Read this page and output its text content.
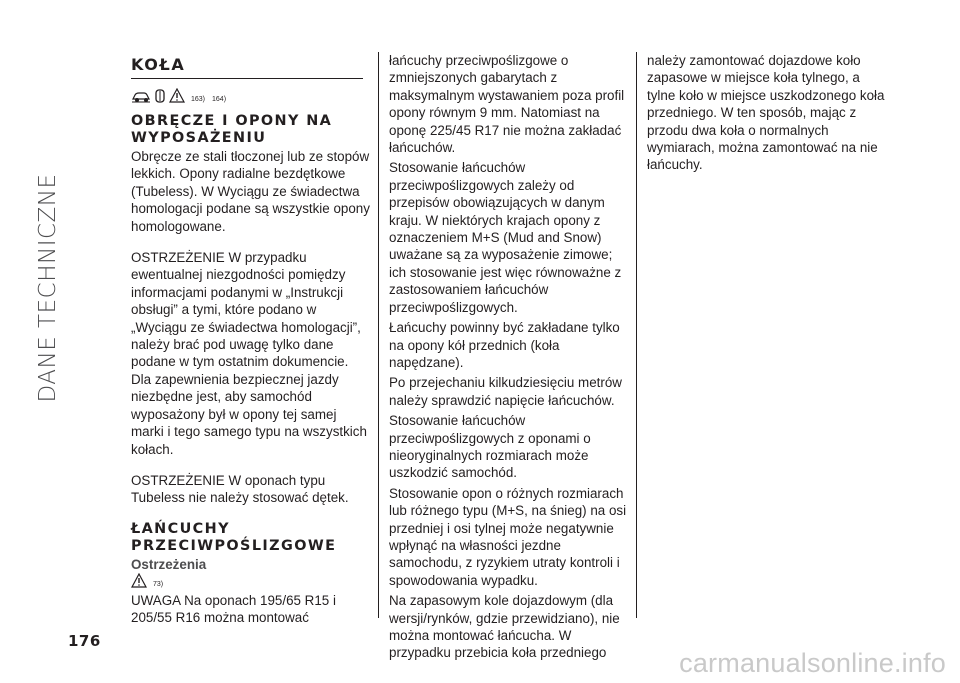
DANE TECHNICZNE
KOŁA
163) 164)
OBRĘCZE I OPONY NA
WYPOSAŻENIU

Obręcze ze stali tłoczonej lub ze stopów lekkich. Opony radialne bezdętkowe (Tubeless). W Wyciągu ze świadectwa homologacji podane są wszystkie opony homologowane.

OSTRZEŻENIE W przypadku ewentualnej niezgodności pomiędzy informacjami podanymi w „Instrukcji obsługi” a tymi, które podano w „Wyciągu ze świadectwa homologacji”, należy brać pod uwagę tylko dane podane w tym ostatnim dokumencie. Dla zapewnienia bezpiecznej jazdy niezbędne jest, aby samochód wyposażony był w opony tej samej marki i tego samego typu na wszystkich kołach.

OSTRZEŻENIE W oponach typu Tubeless nie należy stosować dętek.

ŁAŃCUCHY
PRZECIWPOŚLIZGOWE
Ostrzeżenia
73)

UWAGA Na oponach 195/65 R15 i 205/55 R16 można montować

łańcuchy przeciwpoślizgowe o zmniejszonych gabarytach z maksymalnym wystawaniem poza profil opony równym 9 mm. Natomiast na oponę 225/45 R17 nie można zakładać łańcuchów.

Stosowanie łańcuchów przeciwpoślizgowych zależy od przepisów obowiązujących w danym kraju. W niektórych krajach opony z oznaczeniem M+S (Mud and Snow) uważane są za wyposażenie zimowe; ich stosowanie jest więc równoważne z zastosowaniem łańcuchów przeciwpoślizgowych.

Łańcuchy powinny być zakładane tylko na opony kół przednich (koła napędzane).

Po przejechaniu kilkudziesięciu metrów należy sprawdzić napięcie łańcuchów.

Stosowanie łańcuchów przeciwpoślizgowych z oponami o nieoryginalnych rozmiarach może uszkodzić samochód.

Stosowanie opon o różnych rozmiarach lub różnego typu (M+S, na śnieg) na osi przedniej i osi tylnej może negatywnie wpłynąć na własności jezdne samochodu, z ryzykiem utraty kontroli i spowodowania wypadku.

Na zapasowym kole dojazdowym (dla wersji/rynków, gdzie przewidziano), nie można montować łańcucha. W przypadku przebicia koła przedniego

należy zamontować dojazdowe koło zapasowe w miejsce koła tylnego, a tylne koło w miejsce uszkodzonego koła przedniego. W ten sposób, mając z przodu dwa koła o normalnych wymiarach, można zamontować na nie łańcuchy.

176
carmanualsonline.info
